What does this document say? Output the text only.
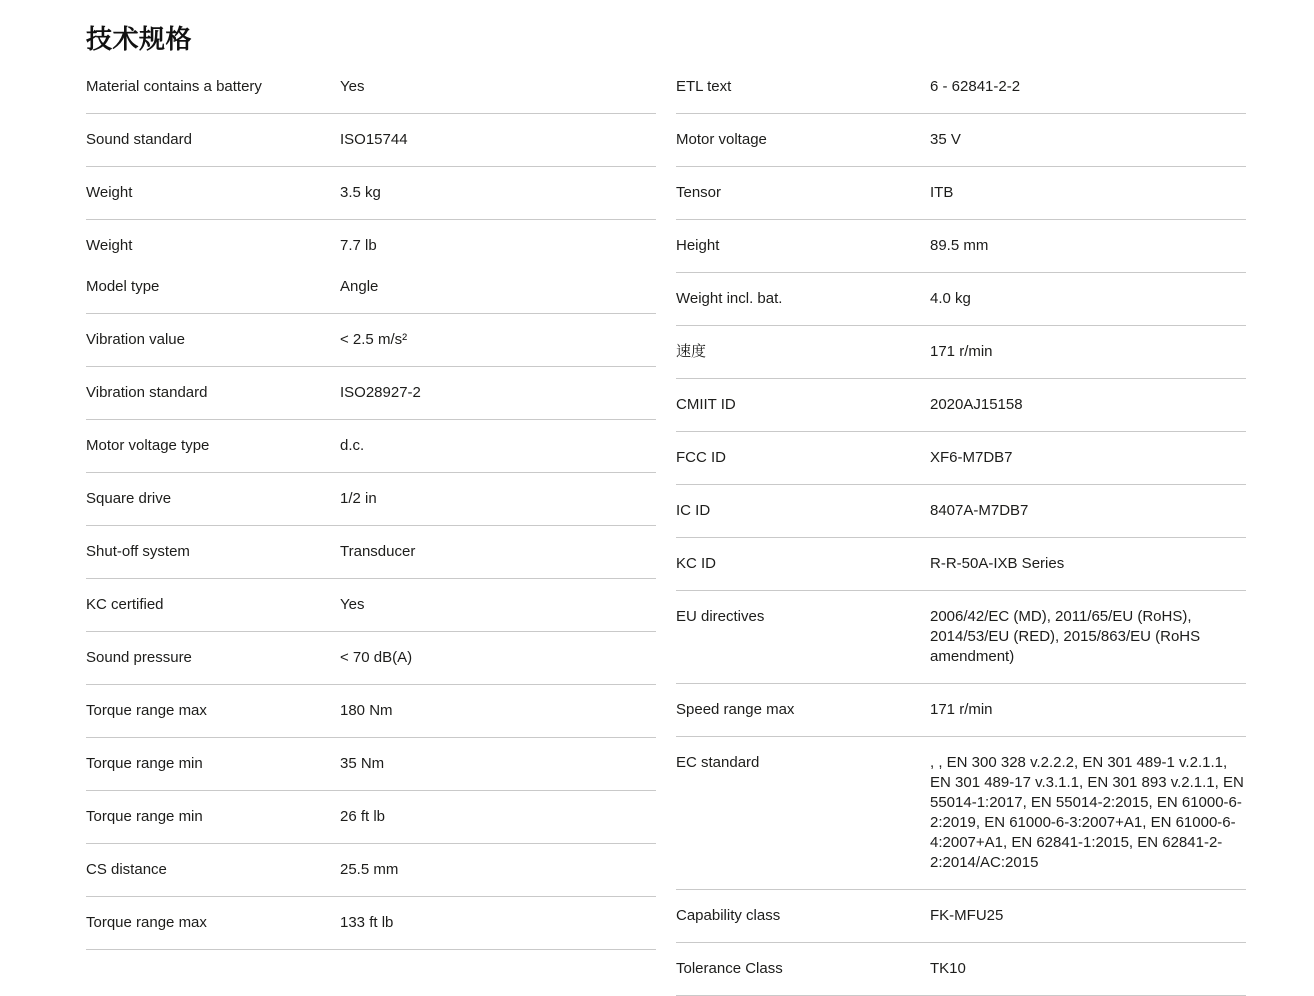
技术规格
Material contains a battery	Yes
Sound standard	ISO15744
Weight	3.5 kg
Weight	7.7 lb
Model type	Angle
Vibration value	< 2.5 m/s²
Vibration standard	ISO28927-2
Motor voltage type	d.c.
Square drive	1/2 in
Shut-off system	Transducer
KC certified	Yes
Sound pressure	< 70 dB(A)
Torque range max	180 Nm
Torque range min	35 Nm
Torque range min	26 ft lb
CS distance	25.5 mm
Torque range max	133 ft lb
ETL text	6 - 62841-2-2
Motor voltage	35 V
Tensor	ITB
Height	89.5 mm
Weight incl. bat.	4.0 kg
速度	171 r/min
CMIIT ID	2020AJ15158
FCC ID	XF6-M7DB7
IC ID	8407A-M7DB7
KC ID	R-R-50A-IXB Series
EU directives	2006/42/EC (MD), 2011/65/EU (RoHS), 2014/53/EU (RED), 2015/863/EU (RoHS amendment)
Speed range max	171 r/min
EC standard	, , EN 300 328 v.2.2.2, EN 301 489-1 v.2.1.1, EN 301 489-17 v.3.1.1, EN 301 893 v.2.1.1, EN 55014-1:2017, EN 55014-2:2015, EN 61000-6-2:2019, EN 61000-6-3:2007+A1, EN 61000-6-4:2007+A1, EN 62841-1:2015, EN 62841-2-2:2014/AC:2015
Capability class	FK-MFU25
Tolerance Class	TK10
